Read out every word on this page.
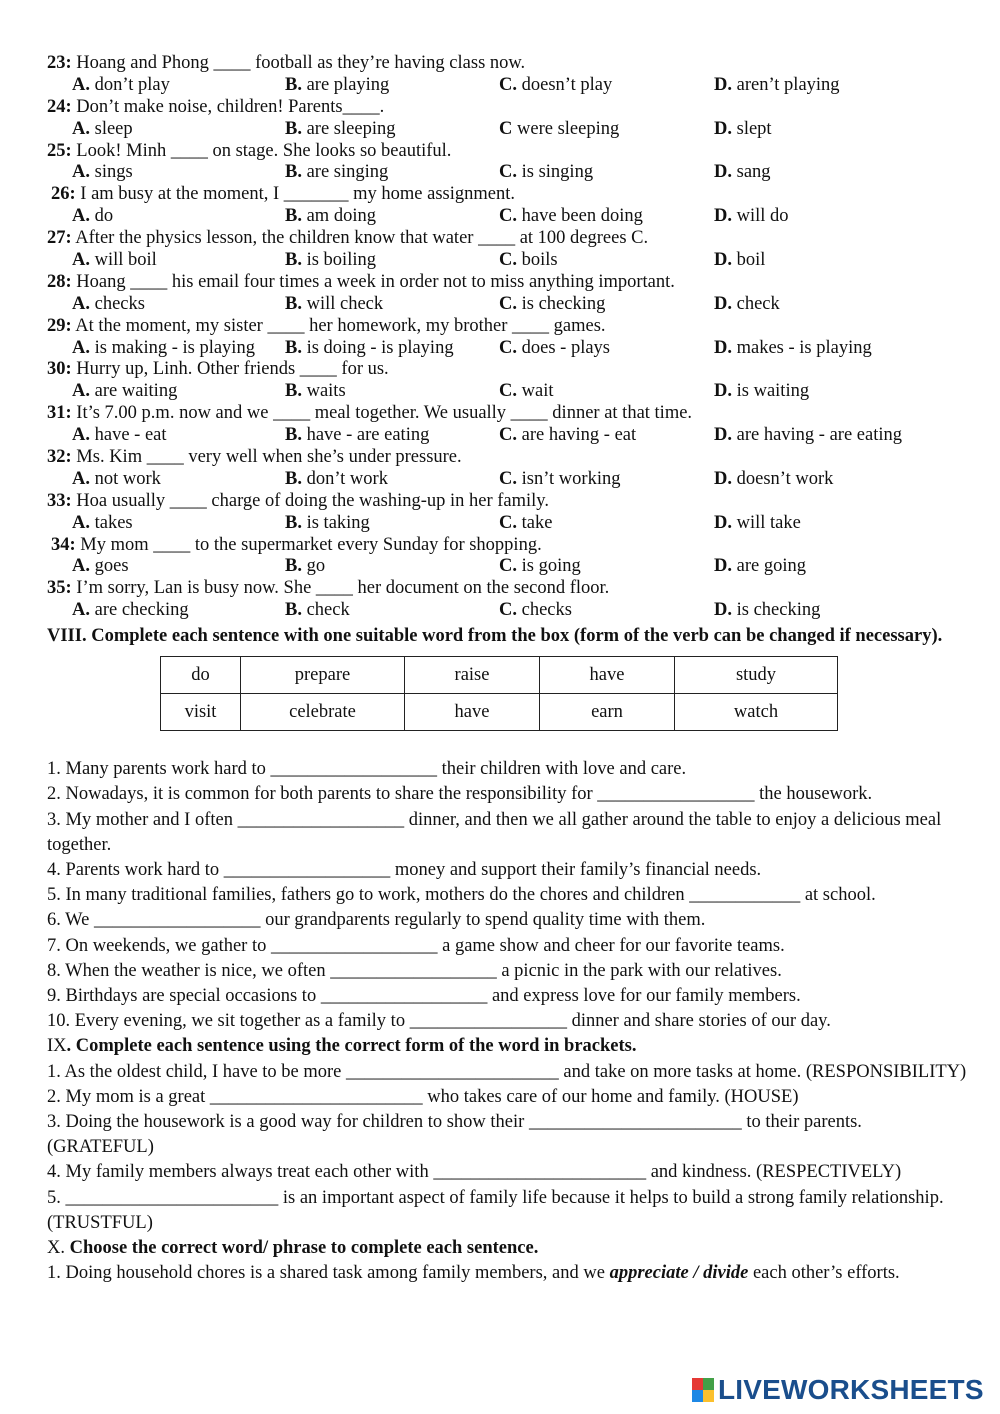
23: Hoang and Phong ____ football as they’re having class now.
A. don’t play	B. are playing	C. doesn’t play	D. aren’t playing
24: Don’t make noise, children! Parents____.
A. sleep	B. are sleeping	C were sleeping	D. slept
25: Look! Minh ____ on stage. She looks so beautiful.
A. sings	B. are singing	C. is singing	D. sang
26: I am busy at the moment, I _______ my home assignment.
A. do	B. am doing	C. have been doing	D. will do
27: After the physics lesson, the children know that water ____ at 100 degrees C.
A. will boil	B. is boiling	C. boils	D. boil
28: Hoang ____ his email four times a week in order not to miss anything important.
A. checks	B. will check	C. is checking	D. check
29: At the moment, my sister ____ her homework, my brother ____ games.
A. is making - is playing B. is doing - is playing C. does - plays	D. makes - is playing
30: Hurry up, Linh. Other friends ____ for us.
A. are waiting	B. waits	C. wait	D. is waiting
31: It’s 7.00 p.m. now and we ____ meal together. We usually ____ dinner at that time.
A. have - eat	B. have - are eating	C. are having - eat	D. are having - are eating
32: Ms. Kim ____ very well when she’s under pressure.
A. not work	B. don’t work	C. isn’t working	D. doesn’t work
33: Hoa usually ____ charge of doing the washing-up in her family.
A. takes	B. is taking	C. take	D. will take
34: My mom ____ to the supermarket every Sunday for shopping.
A. goes	B. go	C. is going	D. are going
35: I’m sorry, Lan is busy now. She ____ her document on the second floor.
A. are checking	B. check	C. checks	D. is checking
VIII. Complete each sentence with one suitable word from the box (form of the verb can be changed if necessary).
do	prepare	raise	have	study
visit	celebrate	have	earn	watch
1. Many parents work hard to __________________ their children with love and care.
2. Nowadays, it is common for both parents to share the responsibility for _________________ the housework.
3. My mother and I often __________________ dinner, and then we all gather around the table to enjoy a delicious meal together.
4. Parents work hard to __________________ money and support their family’s financial needs.
5. In many traditional families, fathers go to work, mothers do the chores and children ____________ at school.
6. We __________________ our grandparents regularly to spend quality time with them.
7. On weekends, we gather to __________________ a game show and cheer for our favorite teams.
8. When the weather is nice, we often __________________ a picnic in the park with our relatives.
9. Birthdays are special occasions to __________________ and express love for our family members.
10. Every evening, we sit together as a family to _________________ dinner and share stories of our day.
IX. Complete each sentence using the correct form of the word in brackets.
1. As the oldest child, I have to be more _______________________ and take on more tasks at home. (RESPONSIBILITY)
2. My mom is a great _______________________ who takes care of our home and family. (HOUSE)
3. Doing the housework is a good way for children to show their _______________________ to their parents. (GRATEFUL)
4. My family members always treat each other with _______________________ and kindness. (RESPECTIVELY)
5. _______________________ is an important aspect of family life because it helps to build a strong family relationship. (TRUSTFUL)
X. Choose the correct word/ phrase to complete each sentence.
1. Doing household chores is a shared task among family members, and we appreciate / divide each other’s efforts.
LIVEWORKSHEETS
